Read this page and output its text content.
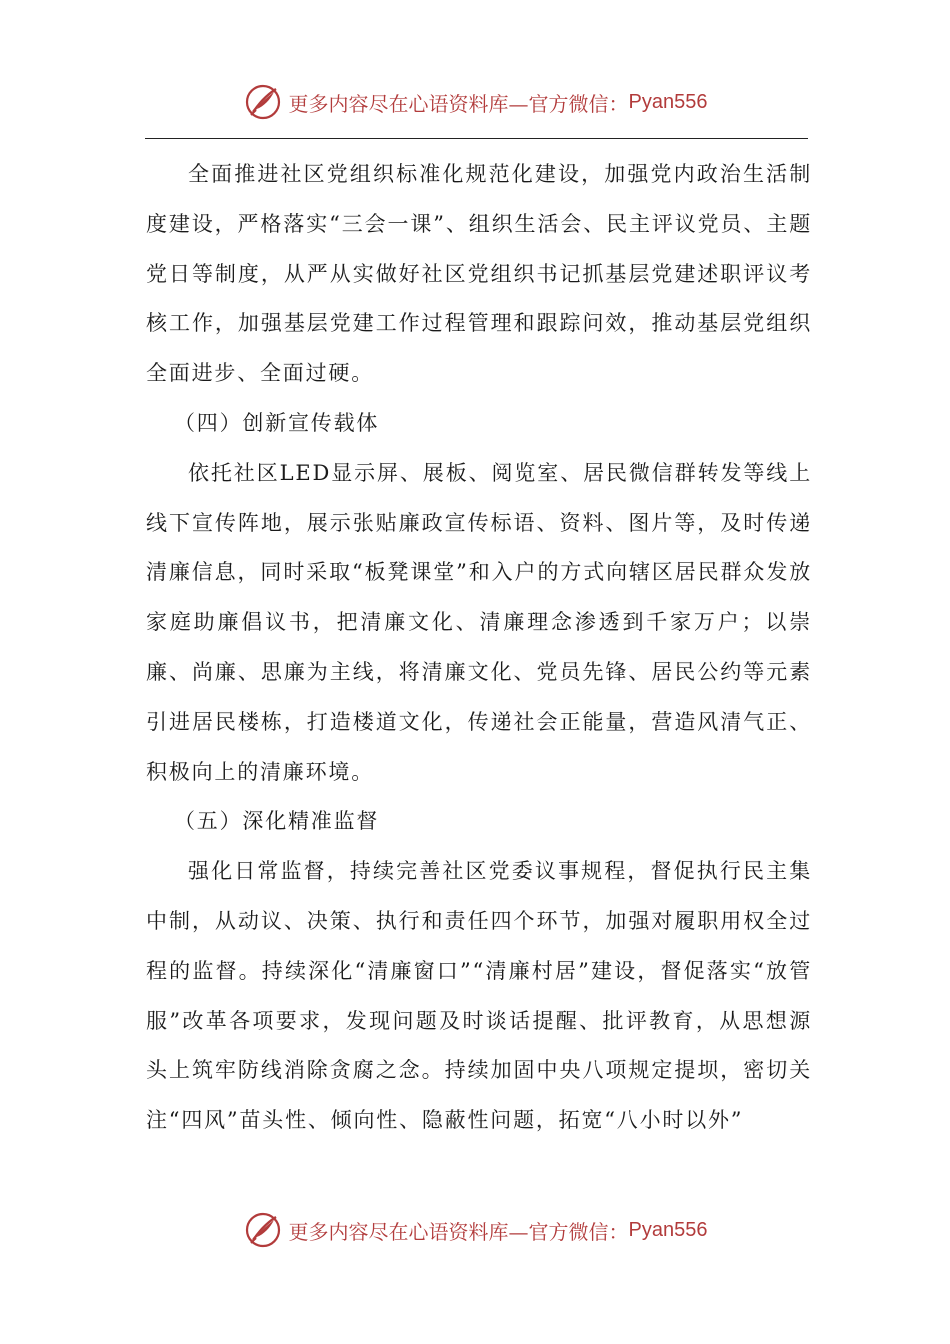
更多内容尽在心语资料库—官方微信： Pyan556

全面推进社区党组织标准化规范化建设，加强党内政治生活制度建设，严格落实“三会一课”、组织生活会、民主评议党员、主题党日等制度，从严从实做好社区党组织书记抓基层党建述职评议考核工作，加强基层党建工作过程管理和跟踪问效，推动基层党组织全面进步、全面过硬。

（四）创新宣传载体

依托社区LED显示屏、展板、阅览室、居民微信群转发等线上线下宣传阵地，展示张贴廉政宣传标语、资料、图片等，及时传递清廉信息，同时采取“板凳课堂”和入户的方式向辖区居民群众发放家庭助廉倡议书，把清廉文化、清廉理念渗透到千家万户；以崇廉、尚廉、思廉为主线，将清廉文化、党员先锋、居民公约等元素引进居民楼栋，打造楼道文化，传递社会正能量，营造风清气正、积极向上的清廉环境。

（五）深化精准监督

强化日常监督，持续完善社区党委议事规程，督促执行民主集中制，从动议、决策、执行和责任四个环节，加强对履职用权全过程的监督。持续深化“清廉窗口”“清廉村居”建设，督促落实“放管服”改革各项要求，发现问题及时谈话提醒、批评教育，从思想源头上筑牢防线消除贪腐之念。持续加固中央八项规定提坝，密切关注“四风”苗头性、倾向性、隐蔽性问题，拓宽“八小时以外”

更多内容尽在心语资料库—官方微信： Pyan556
